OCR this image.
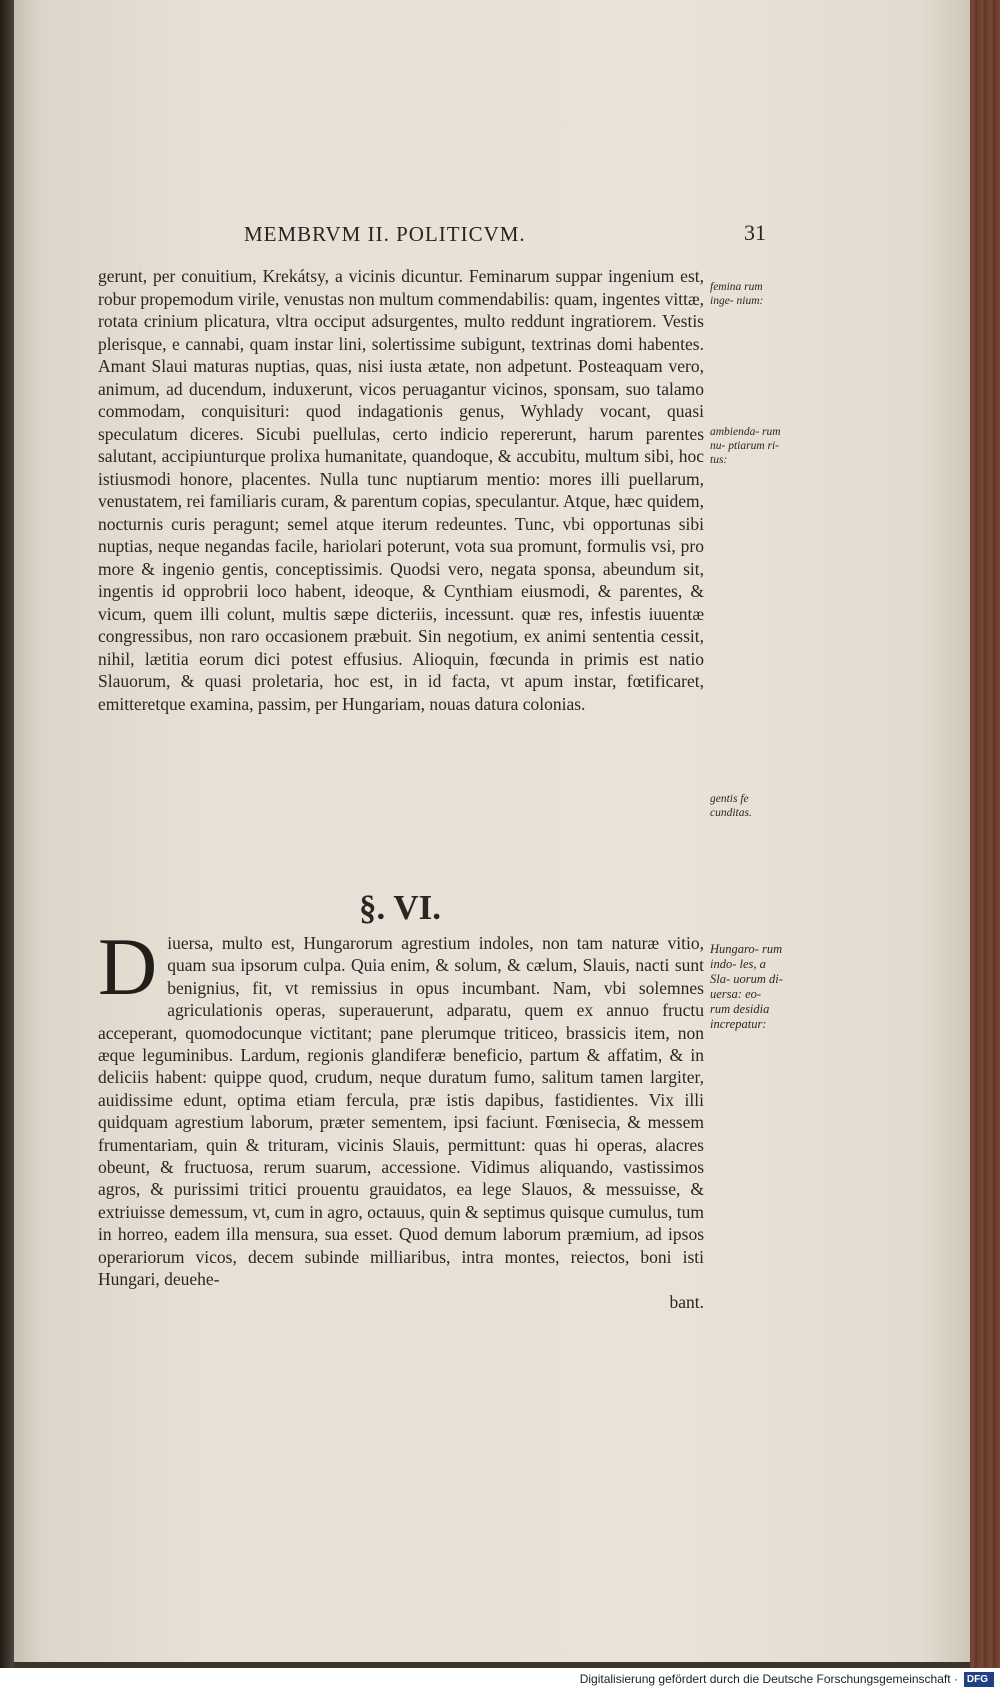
MEMBRVM II. POLITICVM.	31

gerunt, per conuitium, Krekátsy, a vicinis dicuntur. Feminarum suppar ingenium est, robur propemodum virile, venustas non multum commendabilis: quam, ingentes vittæ, rotata crinium plicatura, vltra occiput adsurgentes, multo reddunt ingratiorem. Vestis plerisque, e cannabi, quam instar lini, solertissime subigunt, textrinas domi habentes. Amant Slaui maturas nuptias, quas, nisi iusta ætate, non adpetunt. Posteaquam vero, animum, ad ducendum, induxerunt, vicos peruagantur vicinos, sponsam, suo talamo commodam, conquisituri: quod indagationis genus, Wyhlady vocant, quasi speculatum diceres. Sicubi puellulas, certo indicio repererunt, harum parentes salutant, accipiunturque prolixa humanitate, quandoque, & accubitu, multum sibi, hoc istiusmodi honore, placentes. Nulla tunc nuptiarum mentio: mores illi puellarum, venustatem, rei familiaris curam, & parentum copias, speculantur. Atque, hæc quidem, nocturnis curis peragunt; semel atque iterum redeuntes. Tunc, vbi opportunas sibi nuptias, neque negandas facile, hariolari poterunt, vota sua promunt, formulis vsi, pro more & ingenio gentis, conceptissimis. Quodsi vero, negata sponsa, abeundum sit, ingentis id opprobrii loco habent, ideoque, & Cynthiam eiusmodi, & parentes, & vicum, quem illi colunt, multis sæpe dicteriis, incessunt. quæ res, infestis iuuentæ congressibus, non raro occasionem præbuit. Sin negotium, ex animi sententia cessit, nihil, lætitia eorum dici potest effusius. Alioquin, fœcunda in primis est natio Slauorum, & quasi proletaria, hoc est, in id facta, vt apum instar, fœtificaret, emitteretque examina, passim, per Hungariam, nouas datura colonias.

§. VI.
D iuersa, multo est, Hungarorum agrestium indoles, non tam naturæ vitio, quam sua ipsorum culpa. Quia enim, & solum, & cælum, Slauis, nacti sunt benignius, fit, vt remissius in opus incumbant. Nam, vbi solemnes agriculationis operas, superauerunt, adparatu, quem ex annuo fructu acceperant, quomodocunque victitant; pane plerumque triticeo, brassicis item, non æque leguminibus. Lardum, regionis glandiferæ beneficio, partum & affatim, & in deliciis habent: quippe quod, crudum, neque duratum fumo, salitum tamen largiter, auidissime edunt, optima etiam fercula, præ istis dapibus, fastidientes. Vix illi quidquam agrestium laborum, præter sementem, ipsi faciunt. Fœnisecia, & messem frumentariam, quin & trituram, vicinis Slauis, permittunt: quas hi operas, alacres obeunt, & fructuosa, rerum suarum, accessione. Vidimus aliquando, vastissimos agros, & purissimi tritici prouentu grauidatos, ea lege Slauos, & messuisse, & extriuisse demessum, vt, cum in agro, octauus, quin & septimus quisque cumulus, tum in horreo, eadem illa mensura, sua esset. Quod demum laborum præmium, ad ipsos operariorum vicos, decem subinde milliaribus, intra montes, reiectos, boni isti Hungari, deuehe-
bant.

femina rum inge- nium:

ambienda- rum nu- ptiarum ri- tus:

gentis fe cunditas.

Hungaro- rum indo- les, a Sla- uorum di- uersa: eo- rum desidia increpatur:

Digitalisierung gefördert durch die Deutsche Forschungsgemeinschaft · DFG
